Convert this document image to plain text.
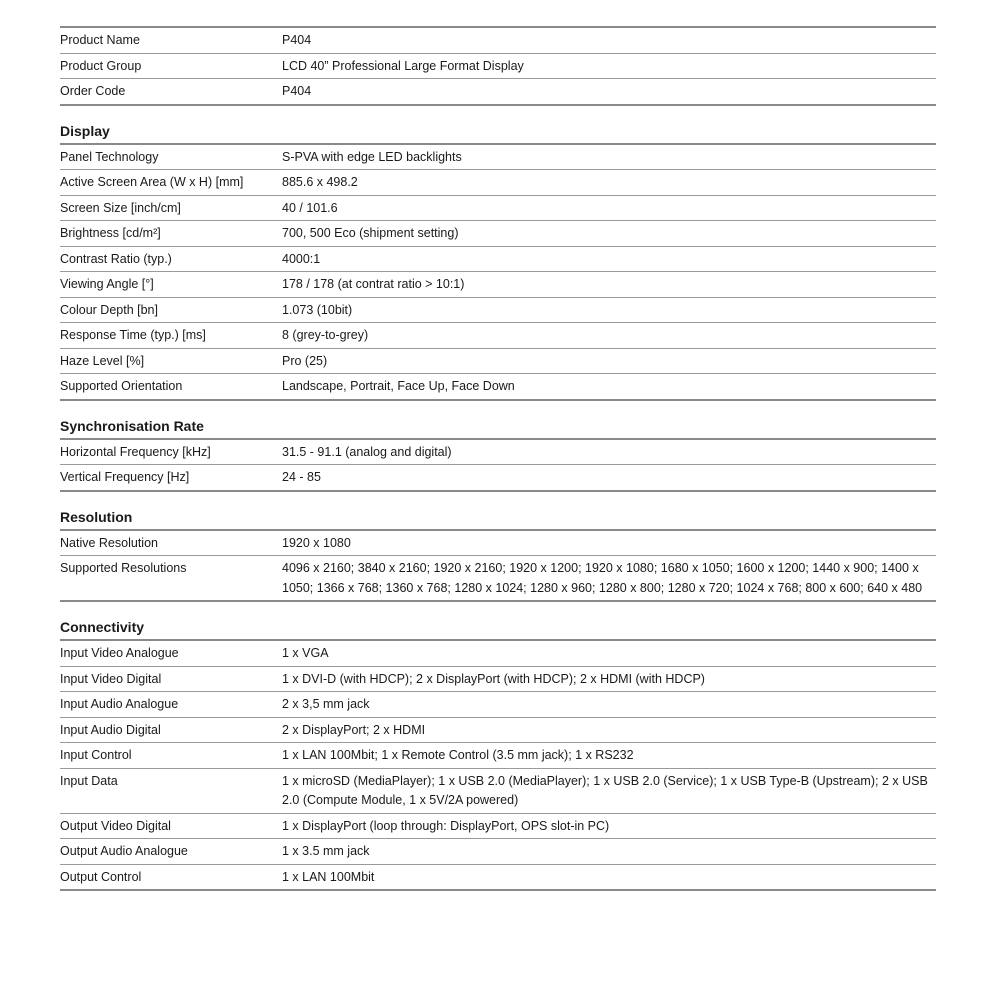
Product Name	P404
Product Group	LCD 40” Professional Large Format Display
Order Code	P404
Display
Panel Technology	S-PVA with edge LED backlights
Active Screen Area (W x H) [mm]	885.6 x 498.2
Screen Size [inch/cm]	40 / 101.6
Brightness [cd/m²]	700, 500 Eco (shipment setting)
Contrast Ratio (typ.)	4000:1
Viewing Angle [°]	178 / 178 (at contrat ratio > 10:1)
Colour Depth [bn]	1.073 (10bit)
Response Time (typ.) [ms]	8 (grey-to-grey)
Haze Level [%]	Pro (25)
Supported Orientation	Landscape, Portrait, Face Up, Face Down
Synchronisation Rate
Horizontal Frequency [kHz]	31.5 - 91.1 (analog and digital)
Vertical Frequency [Hz]	24 - 85
Resolution
Native Resolution	1920 x 1080
Supported Resolutions	4096 x 2160; 3840 x 2160; 1920 x 2160; 1920 x 1200; 1920 x 1080; 1680 x 1050; 1600 x 1200; 1440 x 900; 1400 x 1050; 1366 x 768; 1360 x 768; 1280 x 1024; 1280 x 960; 1280 x 800; 1280 x 720; 1024 x 768; 800 x 600; 640 x 480
Connectivity
Input Video Analogue	1 x VGA
Input Video Digital	1 x DVI-D (with HDCP); 2 x DisplayPort (with HDCP); 2 x HDMI (with HDCP)
Input Audio Analogue	2 x 3,5 mm jack
Input Audio Digital	2 x DisplayPort; 2 x HDMI
Input Control	1 x LAN 100Mbit; 1 x Remote Control (3.5 mm jack); 1 x RS232
Input Data	1 x microSD (MediaPlayer); 1 x USB 2.0 (MediaPlayer); 1 x USB 2.0 (Service); 1 x USB Type-B (Upstream); 2 x USB 2.0 (Compute Module, 1 x 5V/2A powered)
Output Video Digital	1 x DisplayPort (loop through: DisplayPort, OPS slot-in PC)
Output Audio Analogue	1 x 3.5 mm jack
Output Control	1 x LAN 100Mbit
